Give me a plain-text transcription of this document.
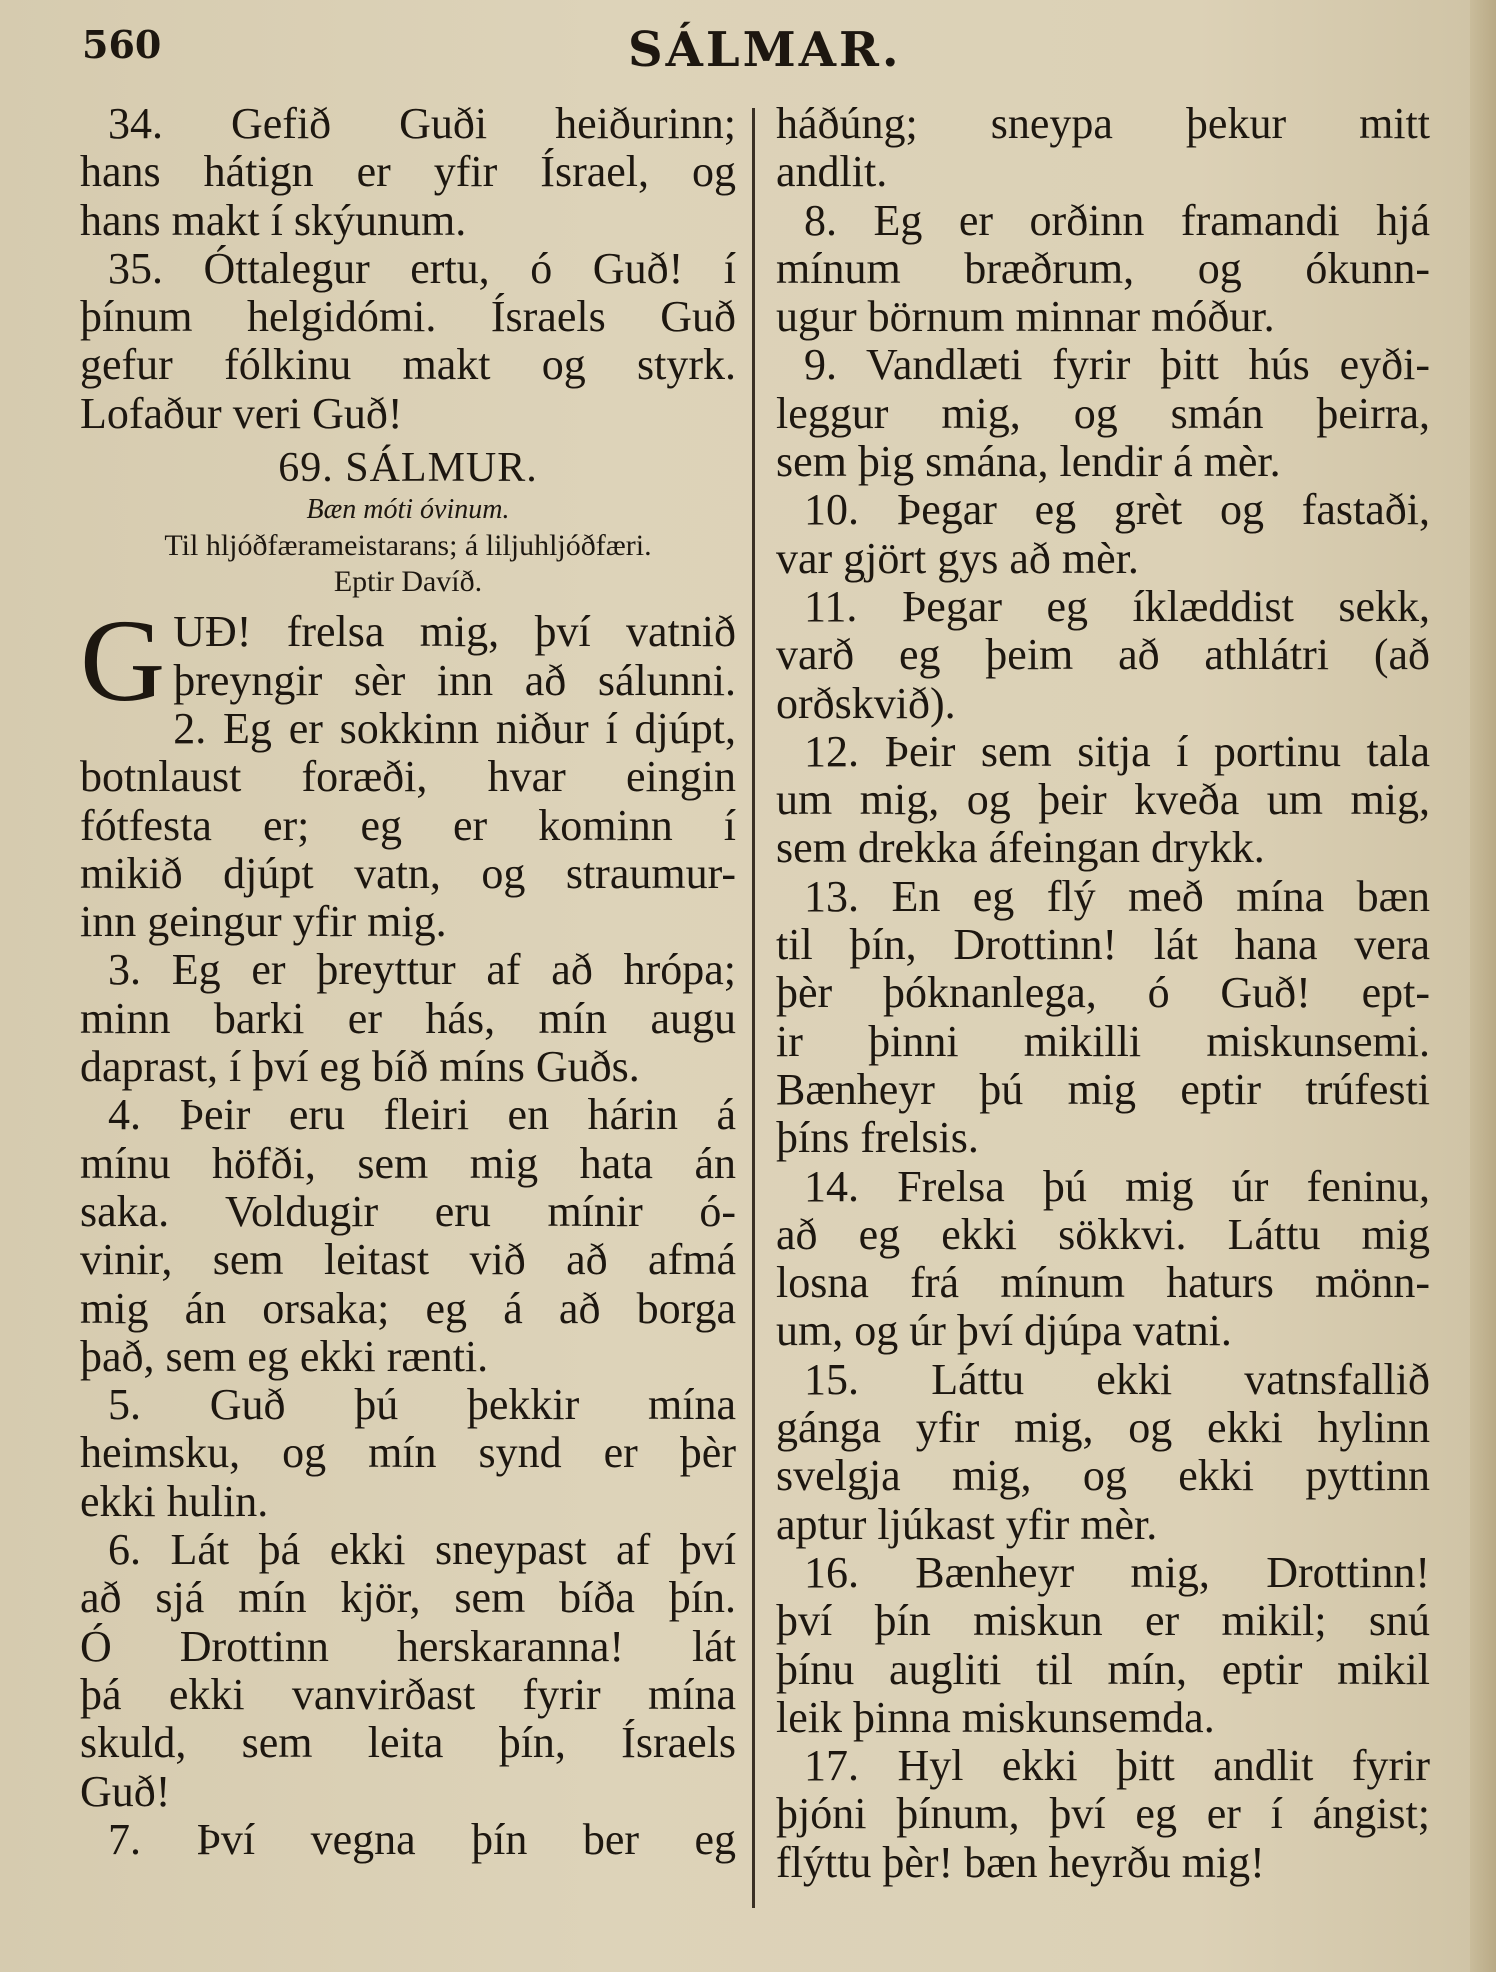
560	SÁLMAR.
34. Gefið Guði heiðurinn;
hans hátign er yfir Ísrael, og
hans makt í skýunum.
35. Óttalegur ertu, ó Guð! í
þínum helgidómi. Ísraels Guð
gefur fólkinu makt og styrk.
Lofaður veri Guð!
69. SÁLMUR.
Bæn móti óvinum.
Til hljóðfærameistarans; á liljuhljóðfæri.
Eptir Davíð.
G UÐ! frelsa mig, því vatnið
þreyngir sèr inn að sálunni.
2. Eg er sokkinn niður í djúpt,
botnlaust foræði, hvar eingin
fótfesta er; eg er kominn í
mikið djúpt vatn, og straumur-
inn geingur yfir mig.
3. Eg er þreyttur af að hrópa;
minn barki er hás, mín augu
daprast, í því eg bíð míns Guðs.
4. Þeir eru fleiri en hárin á
mínu höfði, sem mig hata án
saka. Voldugir eru mínir ó-
vinir, sem leitast við að afmá
mig án orsaka; eg á að borga
það, sem eg ekki rænti.
5. Guð þú þekkir mína
heimsku, og mín synd er þèr
ekki hulin.
6. Lát þá ekki sneypast af því
að sjá mín kjör, sem bíða þín.
Ó Drottinn herskaranna! lát
þá ekki vanvirðast fyrir mína
skuld, sem leita þín, Ísraels
Guð!
7. Því vegna þín ber eg
háðúng; sneypa þekur mitt
andlit.
8. Eg er orðinn framandi hjá
mínum bræðrum, og ókunn-
ugur börnum minnar móður.
9. Vandlæti fyrir þitt hús eyði-
leggur mig, og smán þeirra,
sem þig smána, lendir á mèr.
10. Þegar eg grèt og fastaði,
var gjört gys að mèr.
11. Þegar eg íklæddist sekk,
varð eg þeim að athlátri (að
orðskvið).
12. Þeir sem sitja í portinu tala
um mig, og þeir kveða um mig,
sem drekka áfeingan drykk.
13. En eg flý með mína bæn
til þín, Drottinn! lát hana vera
þèr þóknanlega, ó Guð! ept-
ir þinni mikilli miskunsemi.
Bænheyr þú mig eptir trúfesti
þíns frelsis.
14. Frelsa þú mig úr feninu,
að eg ekki sökkvi. Láttu mig
losna frá mínum haturs mönn-
um, og úr því djúpa vatni.
15. Láttu ekki vatnsfallið
gánga yfir mig, og ekki hylinn
svelgja mig, og ekki pyttinn
aptur ljúkast yfir mèr.
16. Bænheyr mig, Drottinn!
því þín miskun er mikil; snú
þínu augliti til mín, eptir mikil
leik þinna miskunsemda.
17. Hyl ekki þitt andlit fyrir
þjóni þínum, því eg er í ángist;
flýttu þèr! bæn heyrðu mig!
